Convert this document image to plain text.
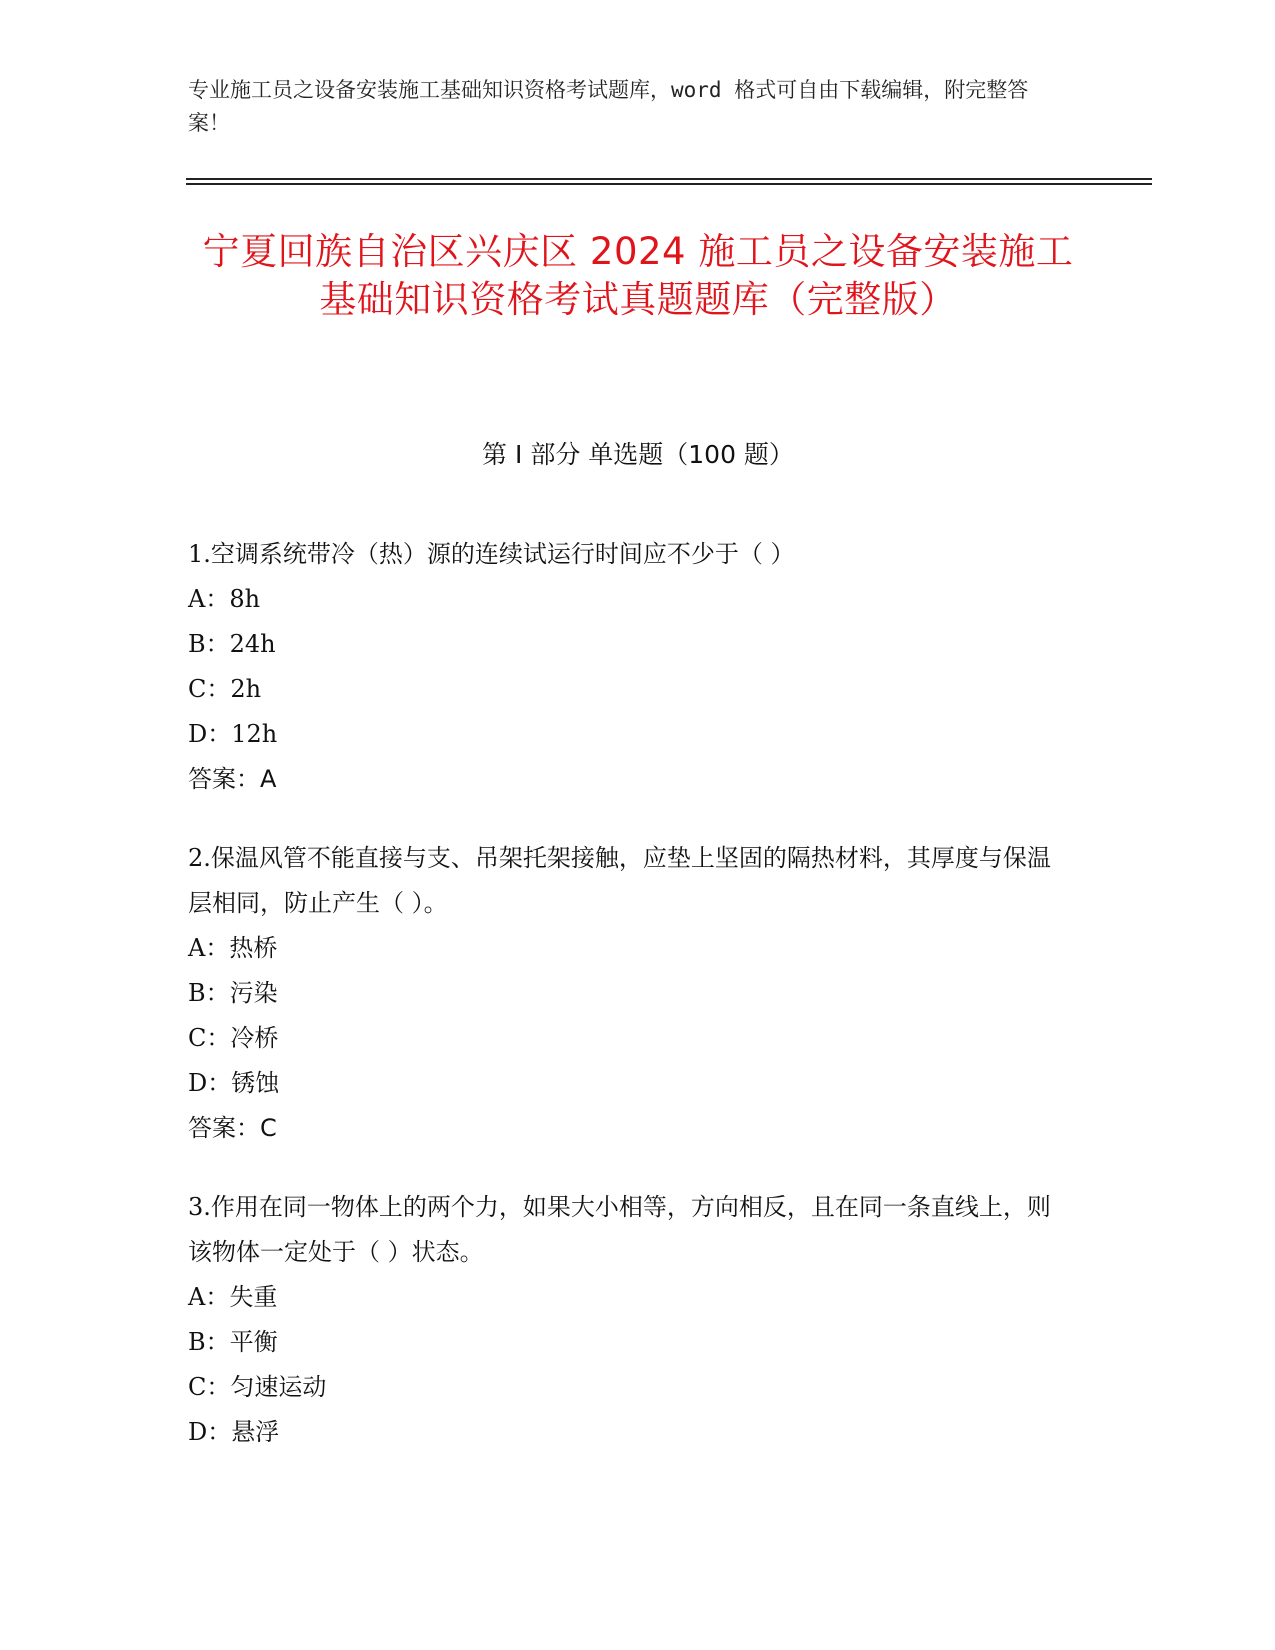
专业施工员之设备安装施工基础知识资格考试题库，word 格式可自由下载编辑，附完整答案！
宁夏回族自治区兴庆区 2024 施工员之设备安装施工基础知识资格考试真题题库（完整版）
第 I 部分 单选题（100 题）

1.空调系统带冷（热）源的连续试运行时间应不少于（ ）

A：8h

B：24h

C：2h

D：12h

答案：A

2.保温风管不能直接与支、吊架托架接触，应垫上坚固的隔热材料，其厚度与保温层相同，防止产生（ ）。

A：热桥

B：污染

C：冷桥

D：锈蚀

答案：C

3.作用在同一物体上的两个力，如果大小相等，方向相反，且在同一条直线上，则该物体一定处于（ ）状态。

A：失重

B：平衡

C：匀速运动

D：悬浮
